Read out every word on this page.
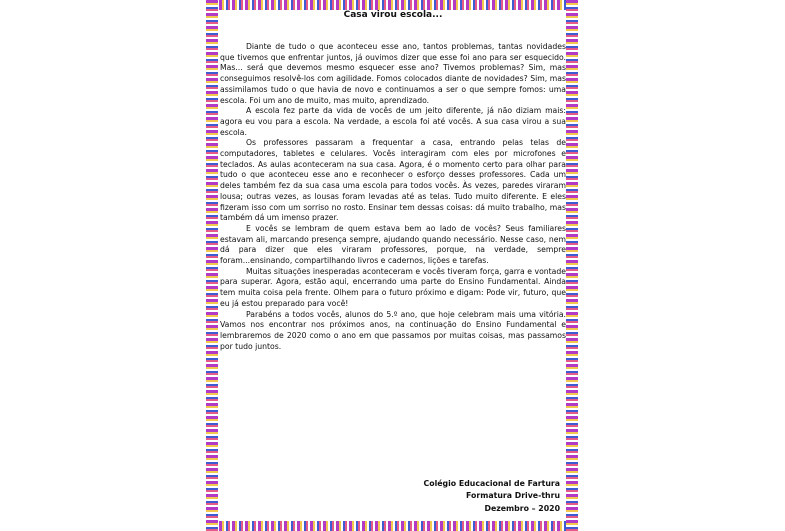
Casa virou escola...

Diante de tudo o que aconteceu esse ano, tantos problemas, tantas novidades que tivemos que enfrentar juntos, já ouvimos dizer que esse foi ano para ser esquecido. Mas... será que devemos mesmo esquecer esse ano? Tivemos problemas? Sim, mas conseguimos resolvê-los com agilidade. Fomos colocados diante de novidades? Sim, mas assimilamos tudo o que havia de novo e continuamos a ser o que sempre fomos: uma escola. Foi um ano de muito, mas muito, aprendizado.

A escola fez parte da vida de vocês de um jeito diferente, já não diziam mais: agora eu vou para a escola. Na verdade, a escola foi até vocês. A sua casa virou a sua escola.

Os professores passaram a frequentar a casa, entrando pelas telas de computadores, tabletes e celulares. Vocês interagiram com eles por microfones e teclados. As aulas aconteceram na sua casa. Agora, é o momento certo para olhar para tudo o que aconteceu esse ano e reconhecer o esforço desses professores. Cada um deles também fez da sua casa uma escola para todos vocês. Às vezes, paredes viraram lousa; outras vezes, as lousas foram levadas até as telas. Tudo muito diferente. E eles fizeram isso com um sorriso no rosto. Ensinar tem dessas coisas: dá muito trabalho, mas também dá um imenso prazer.

E vocês se lembram de quem estava bem ao lado de vocês? Seus familiares estavam ali, marcando presença sempre, ajudando quando necessário. Nesse caso, nem dá para dizer que eles viraram professores, porque, na verdade, sempre foram...ensinando, compartilhando livros e cadernos, lições e tarefas.

Muitas situações inesperadas aconteceram e vocês tiveram força, garra e vontade para superar. Agora, estão aqui, encerrando uma parte do Ensino Fundamental. Ainda tem muita coisa pela frente. Olhem para o futuro próximo e digam: Pode vir, futuro, que eu já estou preparado para você!

Parabéns a todos vocês, alunos do 5.º ano, que hoje celebram mais uma vitória. Vamos nos encontrar nos próximos anos, na continuação do Ensino Fundamental e lembraremos de 2020 como o ano em que passamos por muitas coisas, mas passamos por tudo juntos.

Colégio Educacional de Fartura
Formatura Drive-thru
Dezembro – 2020
